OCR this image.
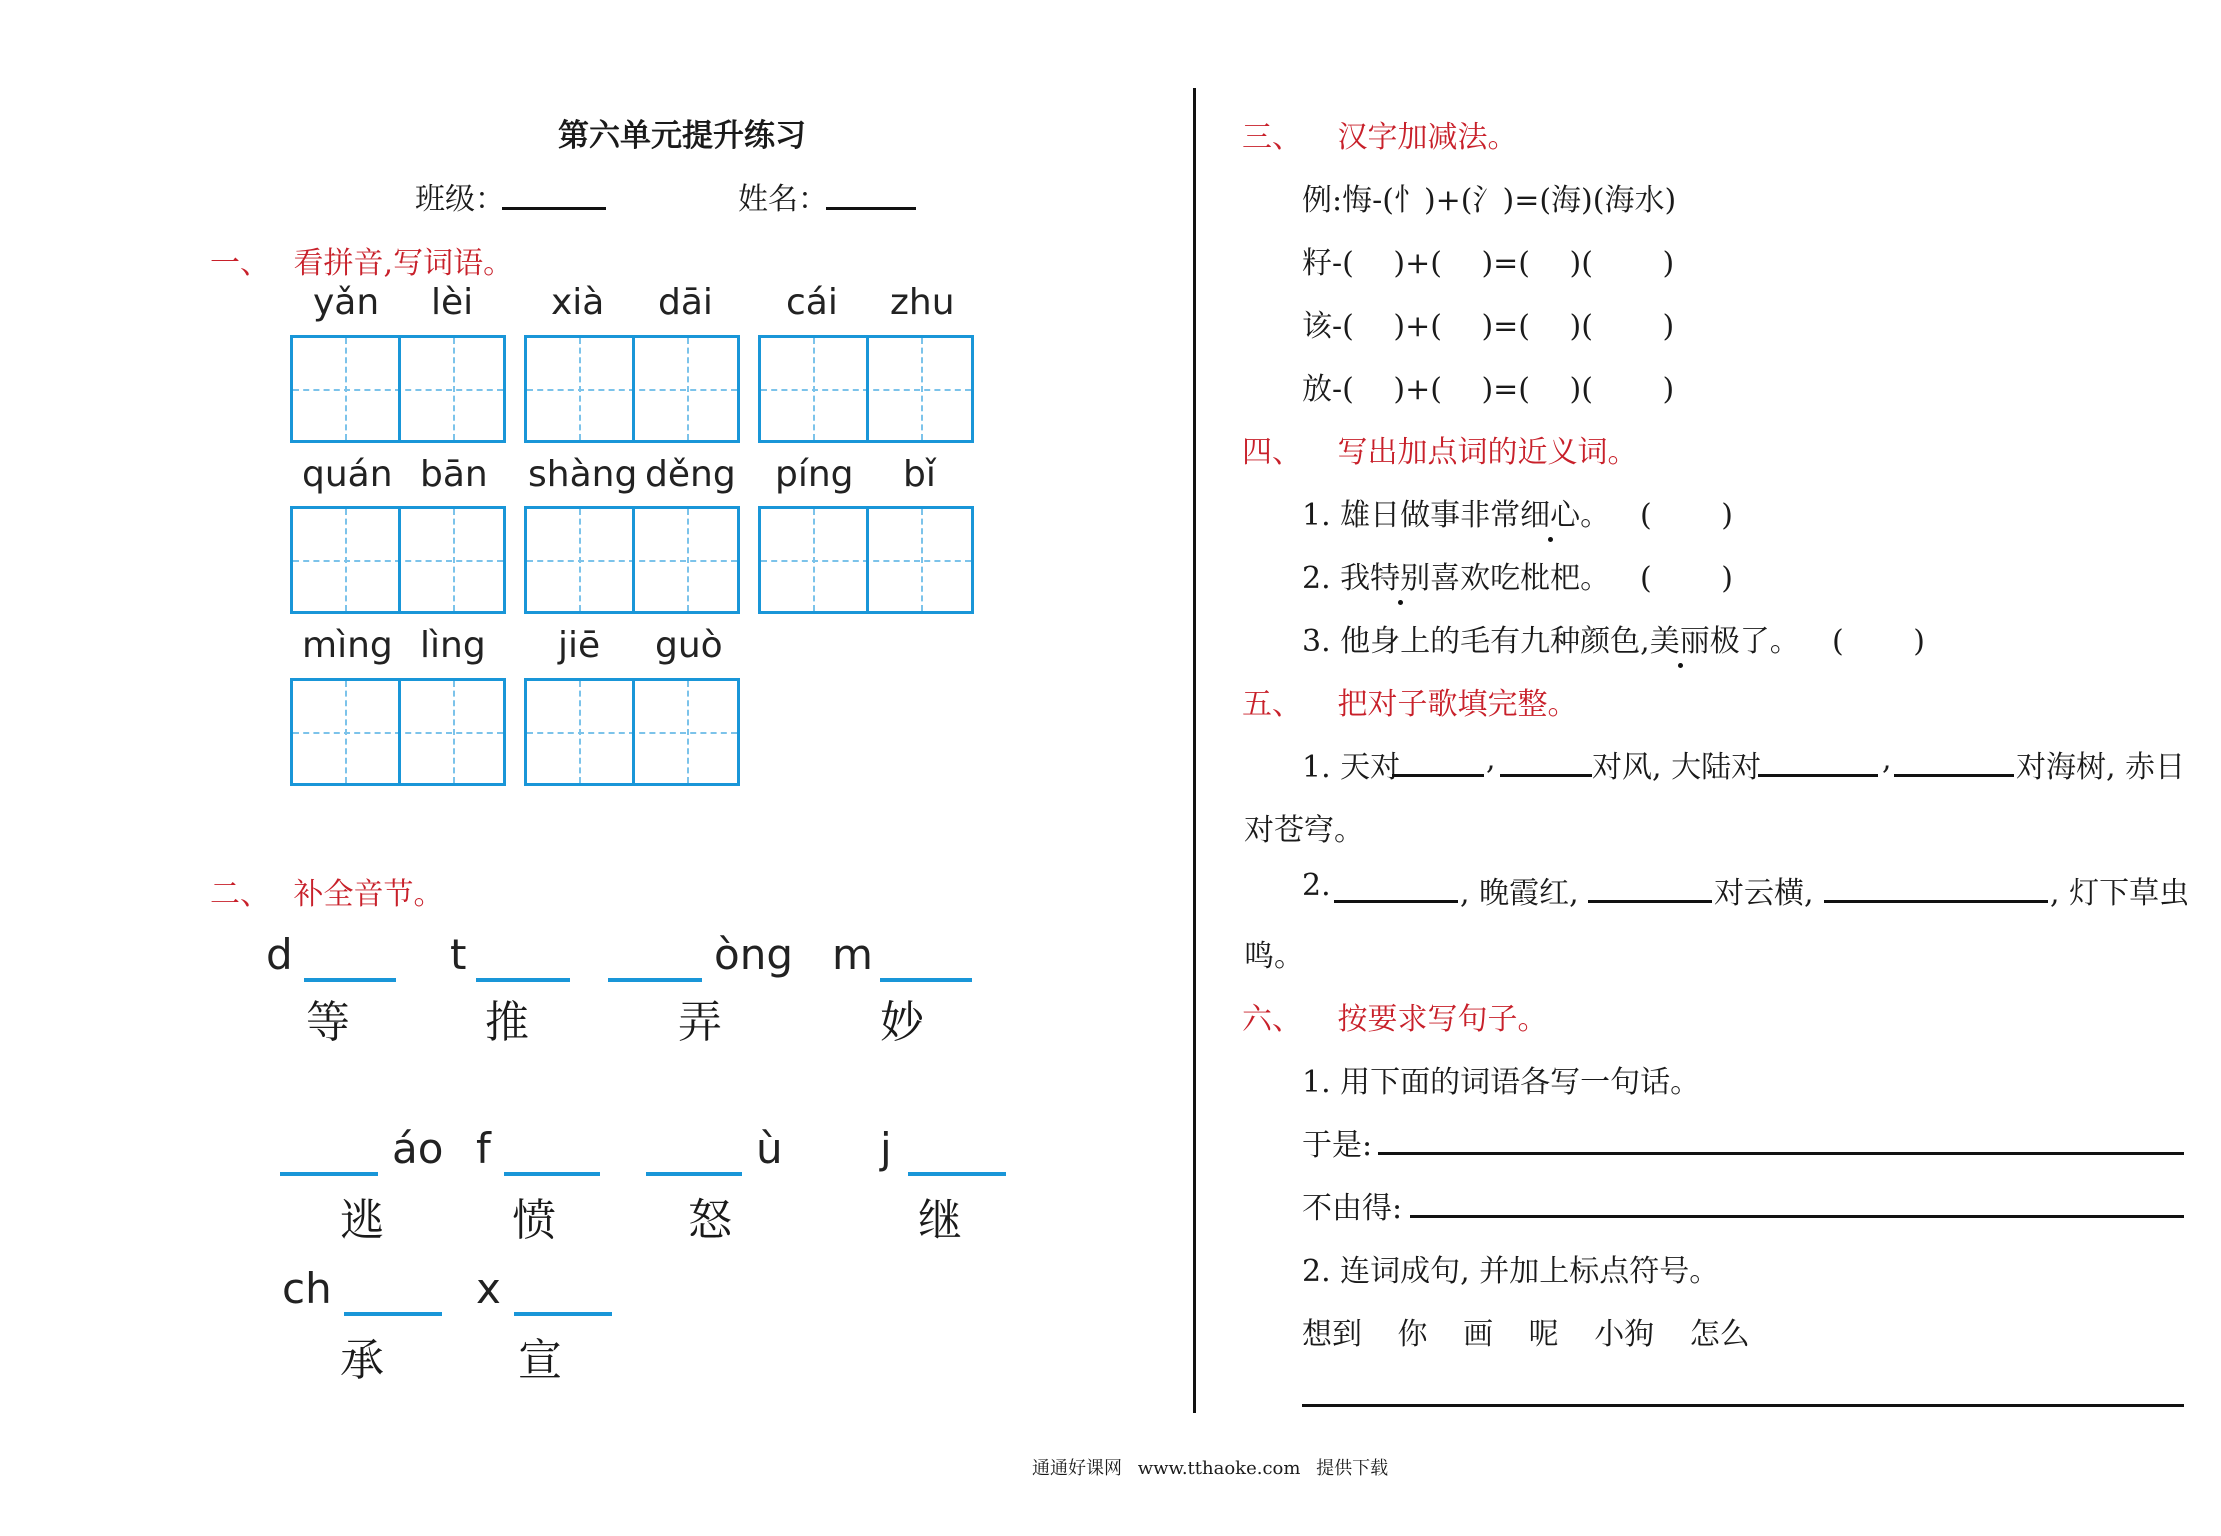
第六单元提升练习
班级：	姓名：
一、 看拼音,写词语。
yǎn lèi xià dāi cái zhu
quán bān shàng děng píng bǐ
mìng lìng jiē guò
二、 补全音节。
d
等
t
推
òng
弄
m
妙
áo
逃
f
愤
ù
怒
j
继
ch
承
x
宣
三、 汉字加减法。
例:悔-(忄)+(氵)=(海)(海水)
籽-(　 )+(　 )=(　 )(　　 )
该-(　 )+(　 )=(　 )(　　 )
放-(　 )+(　 )=(　 )(　　 )
四、 写出加点词的近义词。
1. 雄日做事非常细心。 (　　 )
2. 我特别喜欢吃枇杷。 (　　 )
3. 他身上的毛有九种颜色,美丽极了。 (　　 )
五、 把对子歌填完整。
1. 天对	,	对风, 大陆对	,	对海树, 赤日
对苍穹。
2.	, 晚霞红,	对云横,	, 灯下草虫
鸣。
六、 按要求写句子。
1. 用下面的词语各写一句话。
于是:
不由得:
2. 连词成句, 并加上标点符号。
想到 你 画 呢 小狗 怎么
通通好课网 www.tthaoke.com 提供下载
